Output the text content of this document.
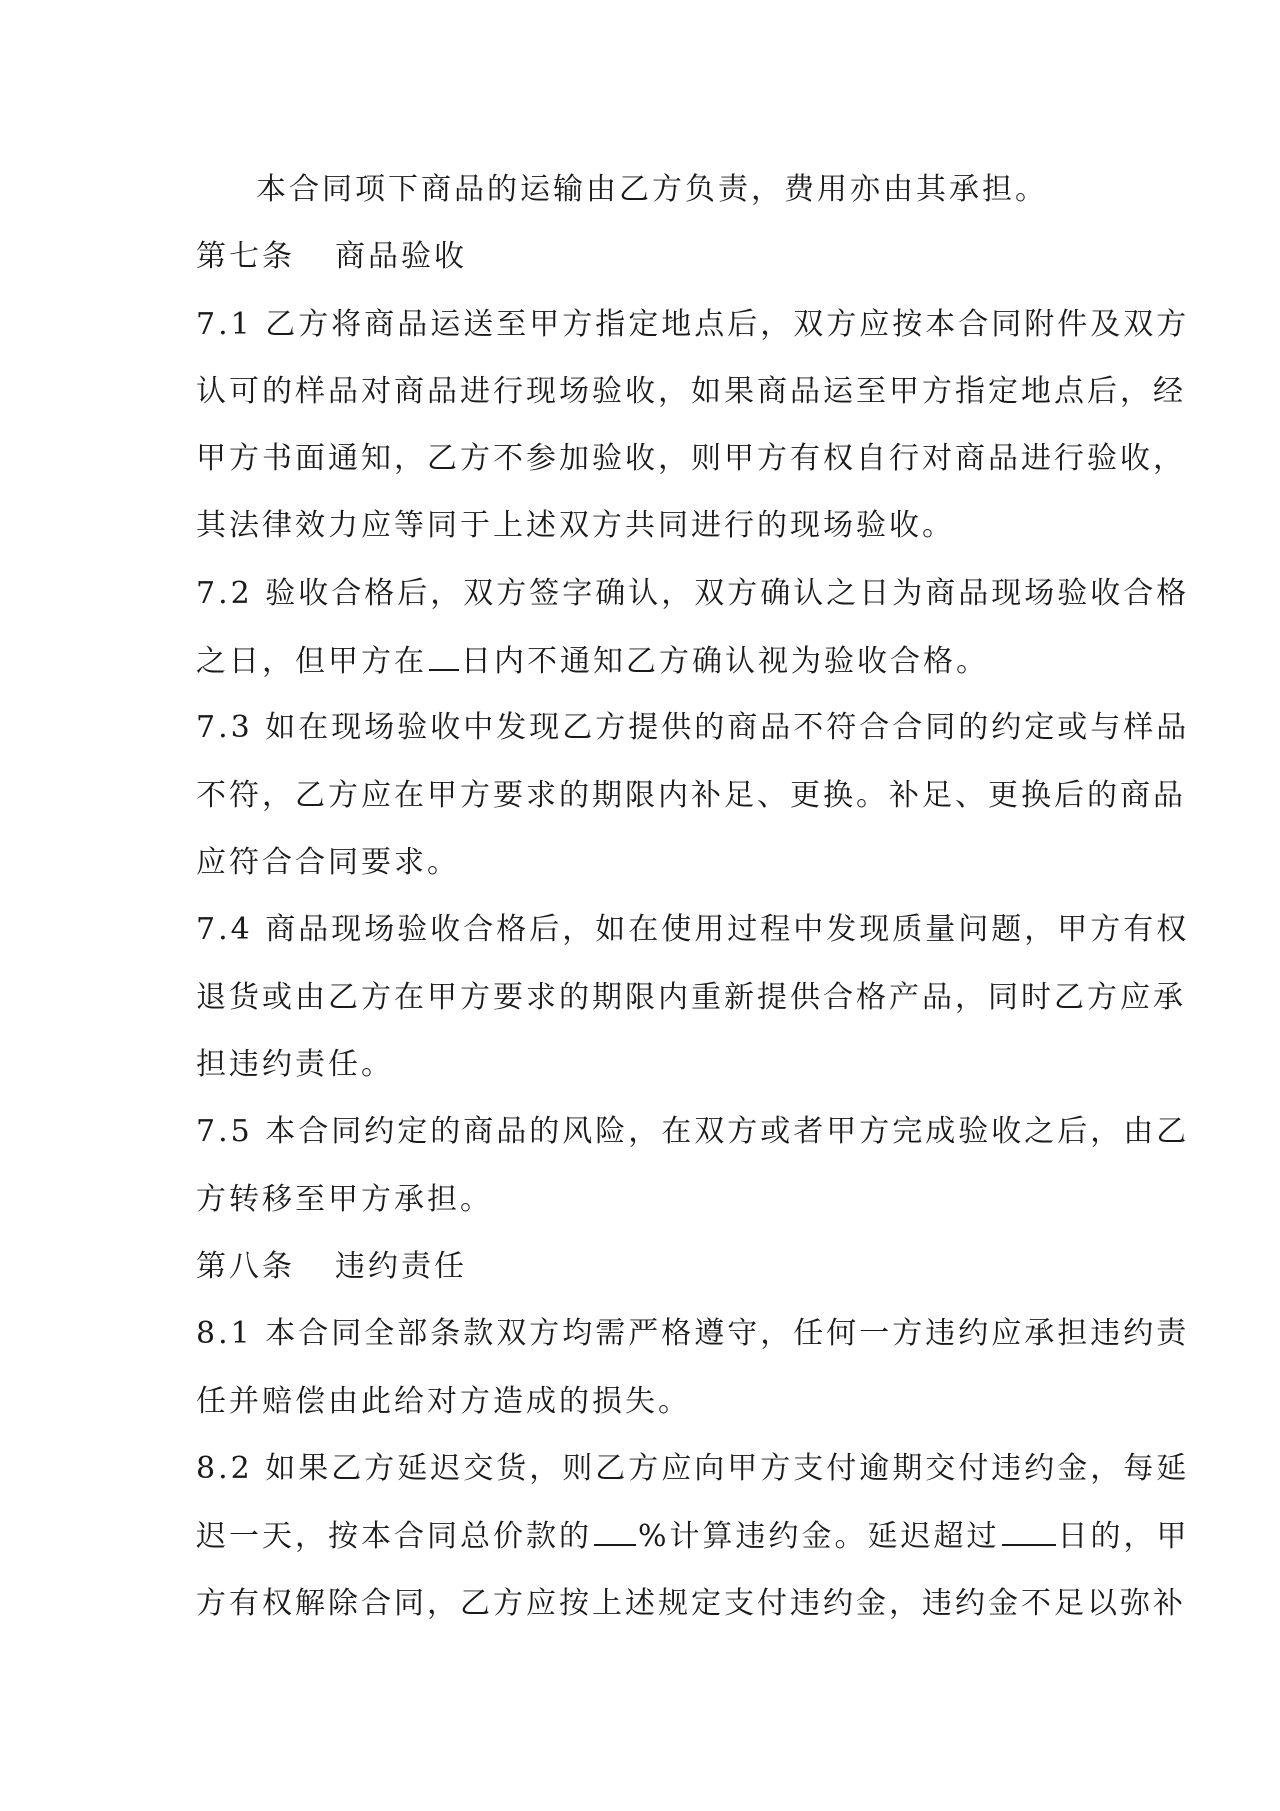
本合同项下商品的运输由乙方负责，费用亦由其承担。
第七条 商品验收
7.1 乙方将商品运送至甲方指定地点后，双方应按本合同附件及双方
认可的样品对商品进行现场验收，如果商品运至甲方指定地点后，经
甲方书面通知，乙方不参加验收，则甲方有权自行对商品进行验收，
其法律效力应等同于上述双方共同进行的现场验收。
7.2 验收合格后，双方签字确认，双方确认之日为商品现场验收合格
之日，但甲方在 日内不通知乙方确认视为验收合格。
7.3 如在现场验收中发现乙方提供的商品不符合合同的约定或与样品
不符，乙方应在甲方要求的期限内补足、更换。补足、更换后的商品
应符合合同要求。
7.4 商品现场验收合格后，如在使用过程中发现质量问题，甲方有权
退货或由乙方在甲方要求的期限内重新提供合格产品，同时乙方应承
担违约责任。
7.5 本合同约定的商品的风险，在双方或者甲方完成验收之后，由乙
方转移至甲方承担。
第八条 违约责任
8.1 本合同全部条款双方均需严格遵守，任何一方违约应承担违约责
任并赔偿由此给对方造成的损失。
8.2 如果乙方延迟交货，则乙方应向甲方支付逾期交付违约金，每延
迟一天，按本合同总价款的 %计算违约金。延迟超过 日的，甲
方有权解除合同，乙方应按上述规定支付违约金，违约金不足以弥补
